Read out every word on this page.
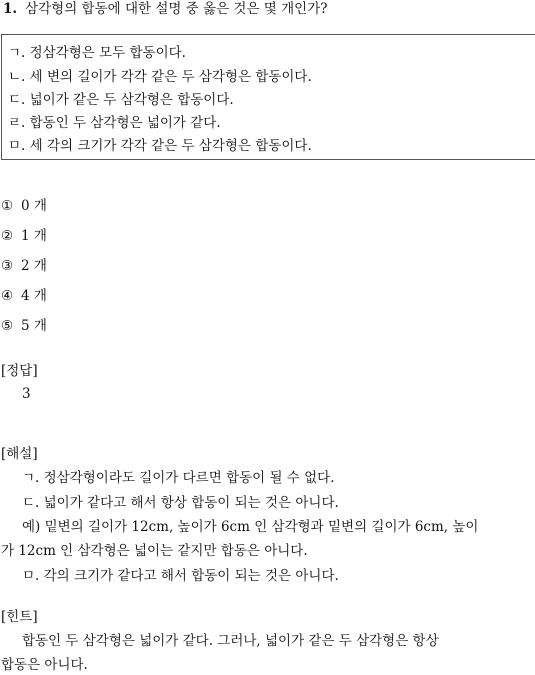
1. 삼각형의 합동에 대한 설명 중 옳은 것은 몇 개인가?
ㄱ. 정삼각형은 모두 합동이다.
ㄴ. 세 변의 길이가 각각 같은 두 삼각형은 합동이다.
ㄷ. 넓이가 같은 두 삼각형은 합동이다.
ㄹ. 합동인 두 삼각형은 넓이가 같다.
ㅁ. 세 각의 크기가 각각 같은 두 삼각형은 합동이다.
① 0 개
② 1 개
③ 2 개
④ 4 개
⑤ 5 개
[정답]
3
[해설]
ㄱ. 정삼각형이라도 길이가 다르면 합동이 될 수 없다.
ㄷ. 넓이가 같다고 해서 항상 합동이 되는 것은 아니다.
예) 밑변의 길이가 12cm, 높이가 6cm 인 삼각형과 밑변의 길이가 6cm, 높이
가 12cm 인 삼각형은 넓이는 같지만 합동은 아니다.
ㅁ. 각의 크기가 같다고 해서 합동이 되는 것은 아니다.
[힌트]
합동인 두 삼각형은 넓이가 같다. 그러나, 넓이가 같은 두 삼각형은 항상
합동은 아니다.
